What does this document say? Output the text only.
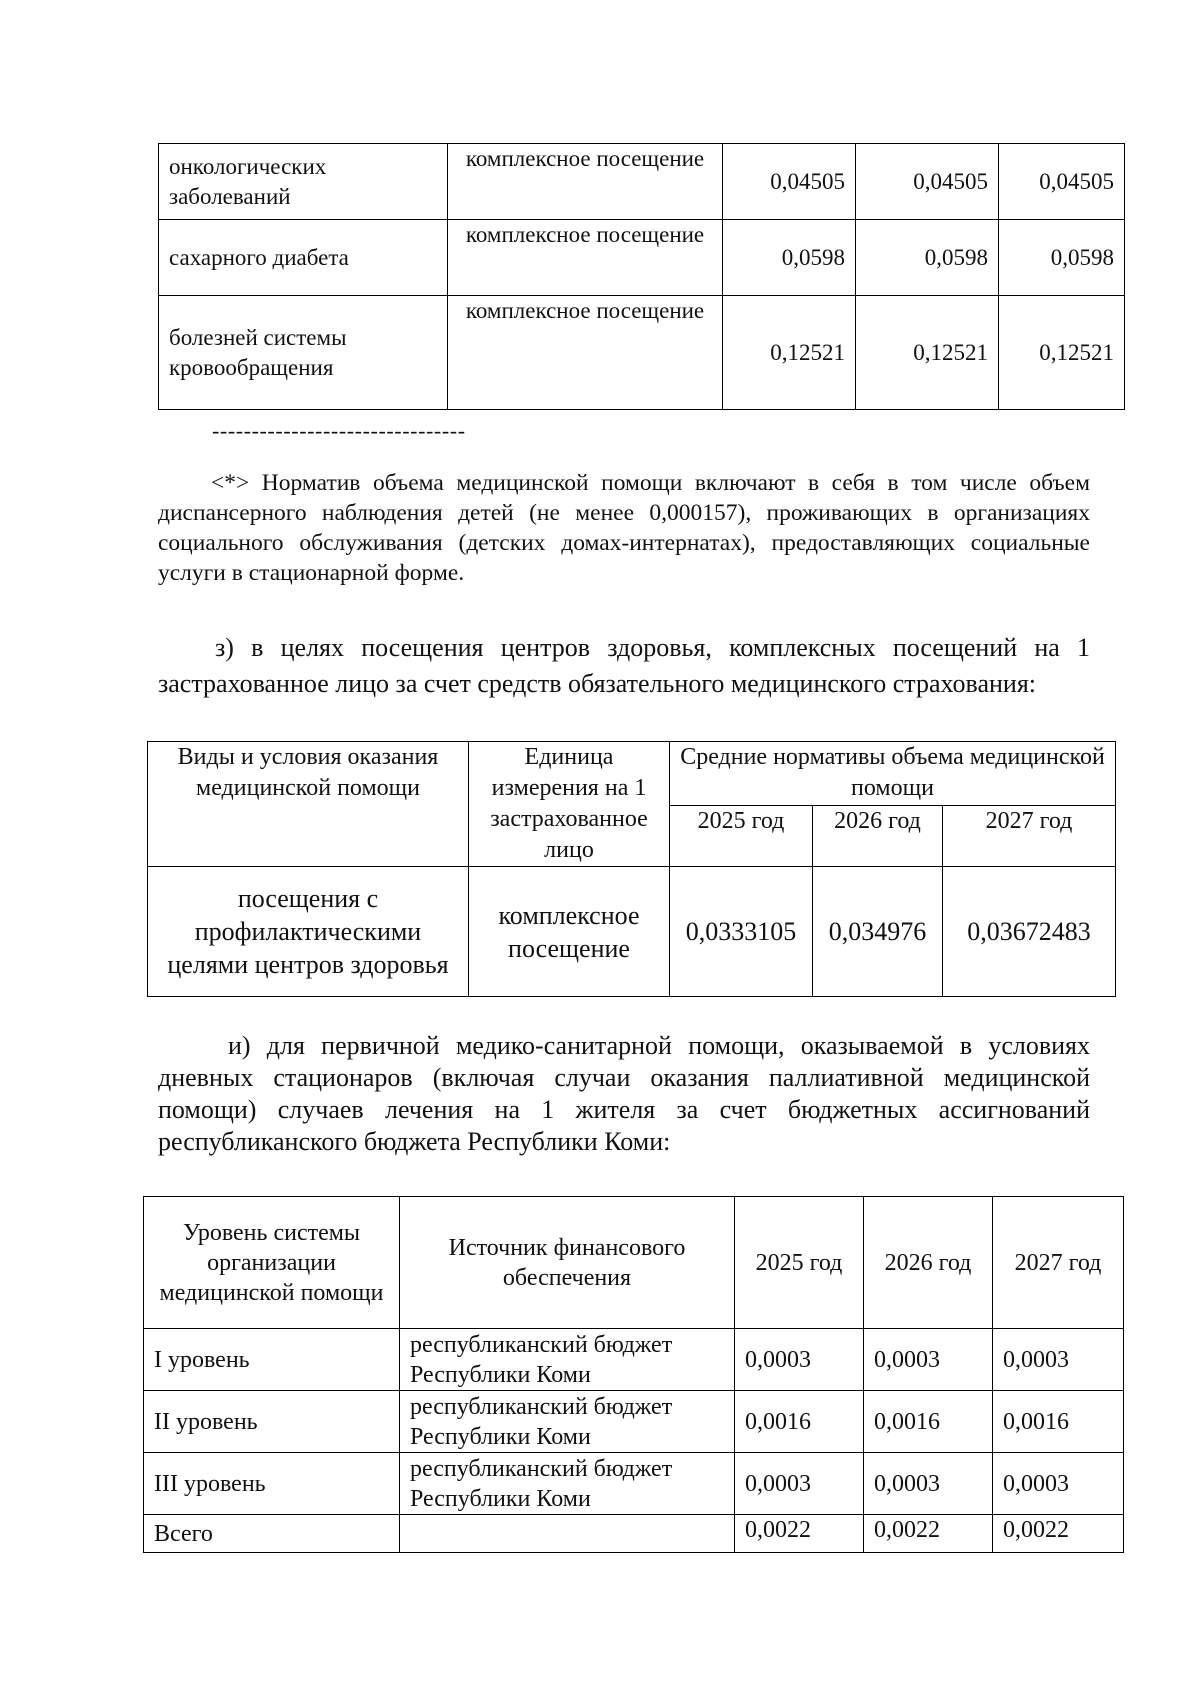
онкологических заболеваний	комплексное посещение	0,04505	0,04505	0,04505
сахарного диабета	комплексное посещение	0,0598	0,0598	0,0598
болезней системы кровообращения	комплексное посещение	0,12521	0,12521	0,12521
--------------------------------
<*> Норматив объема медицинской помощи включают в себя в том числе объем диспансерного наблюдения детей (не менее 0,000157), проживающих в организациях социального обслуживания (детских домах-интернатах), предоставляющих социальные услуги в стационарной форме.
з) в целях посещения центров здоровья, комплексных посещений на 1 застрахованное лицо за счет средств обязательного медицинского страхования:
Виды и условия оказания медицинской помощи	Единица измерения на 1 застрахованное лицо	Средние нормативы объема медицинской помощи		
		2025 год	2026 год	2027 год
посещения с профилактическими целями центров здоровья	комплексное посещение	0,0333105	0,034976	0,03672483
и) для первичной медико-санитарной помощи, оказываемой в условиях дневных стационаров (включая случаи оказания паллиативной медицинской помощи) случаев лечения на 1 жителя за счет бюджетных ассигнований республиканского бюджета Республики Коми:
Уровень системы организации медицинской помощи	Источник финансового обеспечения	2025 год	2026 год	2027 год
I уровень	республиканский бюджет Республики Коми	0,0003	0,0003	0,0003
II уровень	республиканский бюджет Республики Коми	0,0016	0,0016	0,0016
III уровень	республиканский бюджет Республики Коми	0,0003	0,0003	0,0003
Всего		0,0022	0,0022	0,0022
